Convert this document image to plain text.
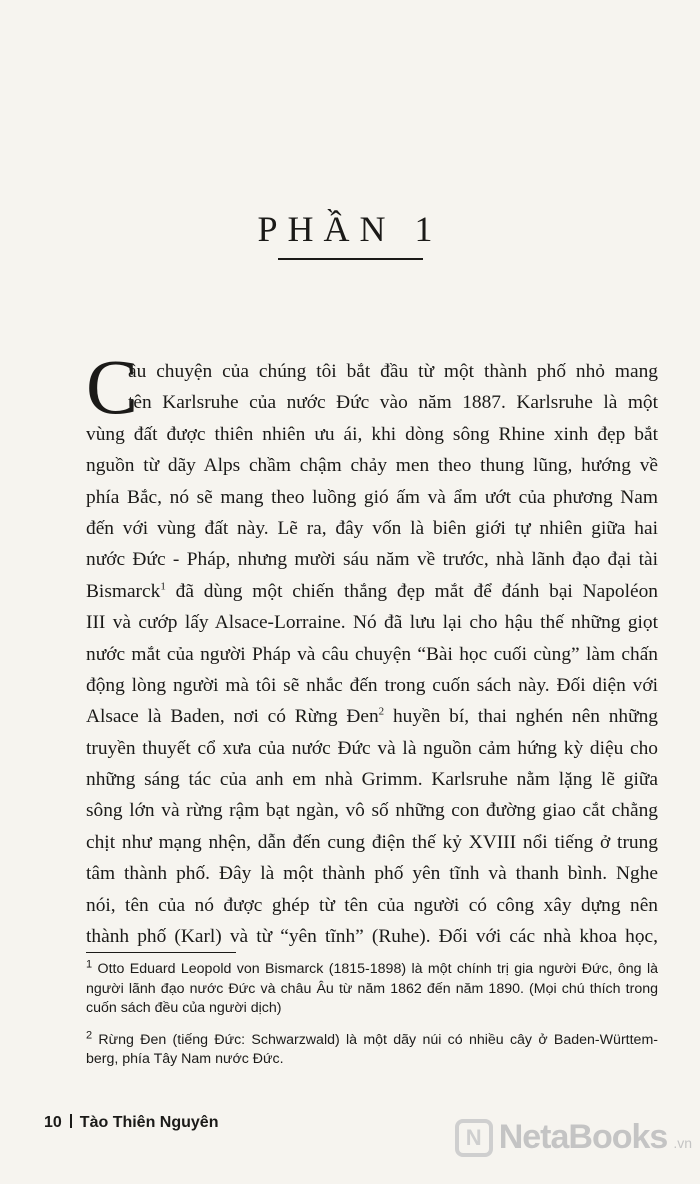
PHẦN 1
C
âu chuyện của chúng tôi bắt đầu từ một thành phố nhỏ mang
tên Karlsruhe của nước Đức vào năm 1887. Karlsruhe là một
vùng đất được thiên nhiên ưu ái, khi dòng sông Rhine xinh đẹp bắt
nguồn từ dãy Alps chầm chậm chảy men theo thung lũng, hướng về
phía Bắc, nó sẽ mang theo luồng gió ấm và ẩm ướt của phương Nam
đến với vùng đất này. Lẽ ra, đây vốn là biên giới tự nhiên giữa hai
nước Đức - Pháp, nhưng mười sáu năm về trước, nhà lãnh đạo đại tài
Bismarck$^1$ đã dùng một chiến thắng đẹp mắt để đánh bại Napoléon
III và cướp lấy Alsace-Lorraine. Nó đã lưu lại cho hậu thế những giọt
nước mắt của người Pháp và câu chuyện “Bài học cuối cùng” làm chấn
động lòng người mà tôi sẽ nhắc đến trong cuốn sách này. Đối diện với
Alsace là Baden, nơi có Rừng Đen$^2$ huyền bí, thai nghén nên những
truyền thuyết cổ xưa của nước Đức và là nguồn cảm hứng kỳ diệu cho
những sáng tác của anh em nhà Grimm. Karlsruhe nằm lặng lẽ giữa
sông lớn và rừng rậm bạt ngàn, vô số những con đường giao cắt chằng
chịt như mạng nhện, dẫn đến cung điện thế kỷ XVIII nổi tiếng ở trung
tâm thành phố. Đây là một thành phố yên tĩnh và thanh bình. Nghe
nói, tên của nó được ghép từ tên của người có công xây dựng nên
thành phố (Karl) và từ “yên tĩnh” (Ruhe). Đối với các nhà khoa học,
$^1$ Otto Eduard Leopold von Bismarck (1815-1898) là một chính trị gia người Đức, ông là
người lãnh đạo nước Đức và châu Âu từ năm 1862 đến năm 1890. (Mọi chú thích trong
cuốn sách đều của người dịch)
$^2$ Rừng Đen (tiếng Đức: Schwarzwald) là một dãy núi có nhiều cây ở Baden-Württem-
berg, phía Tây Nam nước Đức.
10 Tào Thiên Nguyên
N NetaBooks .vn
